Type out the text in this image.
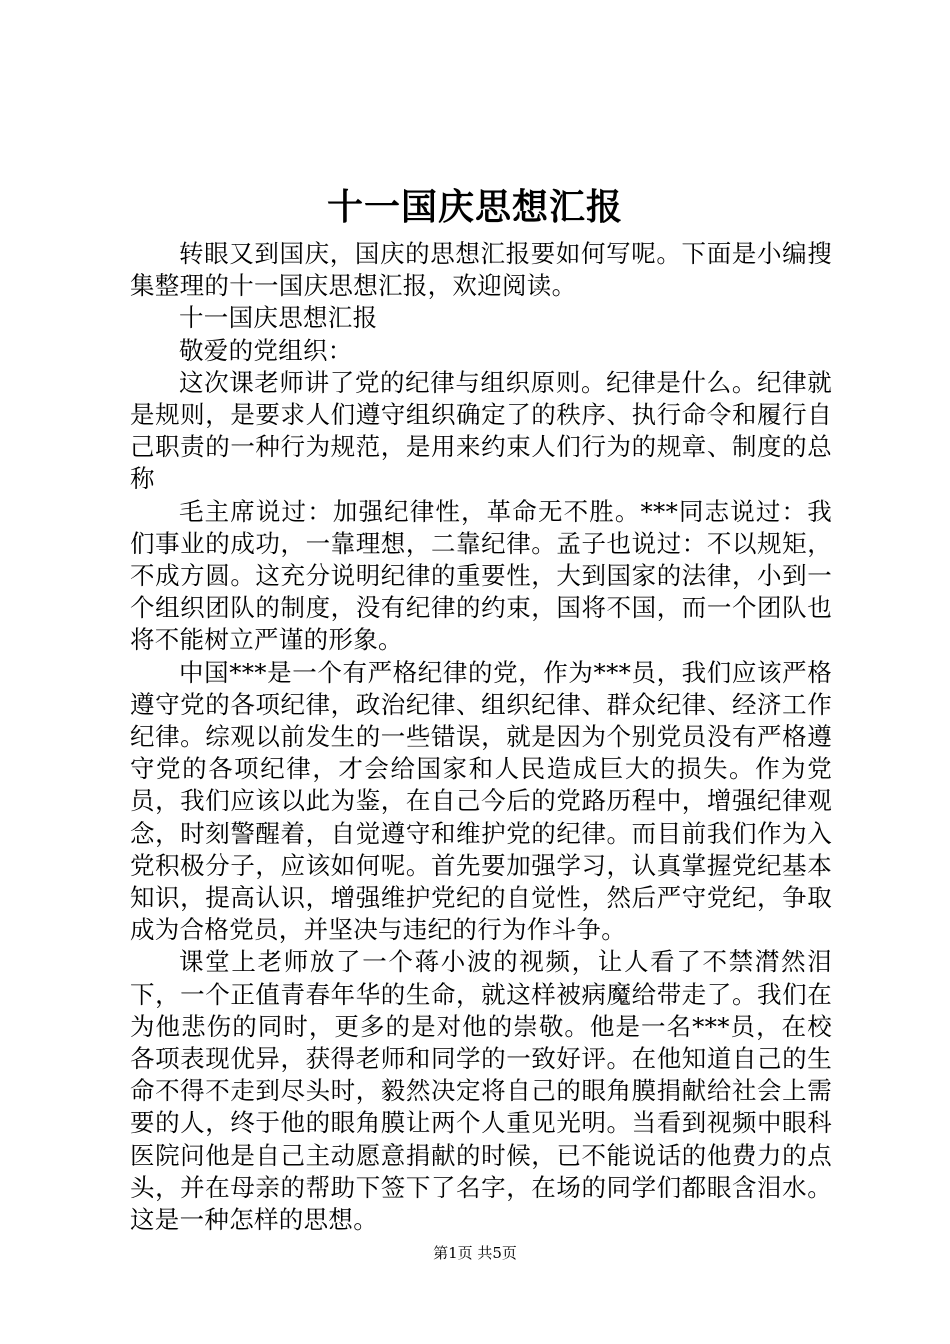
十一国庆思想汇报

转眼又到国庆，国庆的思想汇报要如何写呢。下面是小编搜集整理的十一国庆思想汇报，欢迎阅读。

十一国庆思想汇报

敬爱的党组织：

这次课老师讲了党的纪律与组织原则。纪律是什么。纪律就是规则，是要求人们遵守组织确定了的秩序、执行命令和履行自己职责的一种行为规范，是用来约束人们行为的规章、制度的总称

毛主席说过：加强纪律性，革命无不胜。***同志说过：我们事业的成功，一靠理想，二靠纪律。孟子也说过：不以规矩，不成方圆。这充分说明纪律的重要性，大到国家的法律，小到一个组织团队的制度，没有纪律的约束，国将不国，而一个团队也将不能树立严谨的形象。

中国***是一个有严格纪律的党，作为***员，我们应该严格遵守党的各项纪律，政治纪律、组织纪律、群众纪律、经济工作纪律。综观以前发生的一些错误，就是因为个别党员没有严格遵守党的各项纪律，才会给国家和人民造成巨大的损失。作为党员，我们应该以此为鉴，在自己今后的党路历程中，增强纪律观念，时刻警醒着，自觉遵守和维护党的纪律。而目前我们作为入党积极分子，应该如何呢。首先要加强学习，认真掌握党纪基本知识，提高认识，增强维护党纪的自觉性，然后严守党纪，争取成为合格党员，并坚决与违纪的行为作斗争。

课堂上老师放了一个蒋小波的视频，让人看了不禁潸然泪下，一个正值青春年华的生命，就这样被病魔给带走了。我们在为他悲伤的同时，更多的是对他的崇敬。他是一名***员，在校各项表现优异，获得老师和同学的一致好评。在他知道自己的生命不得不走到尽头时，毅然决定将自己的眼角膜捐献给社会上需要的人，终于他的眼角膜让两个人重见光明。当看到视频中眼科医院问他是自己主动愿意捐献的时候，已不能说话的他费力的点头，并在母亲的帮助下签下了名字，在场的同学们都眼含泪水。这是一种怎样的思想。

第1页 共5页
